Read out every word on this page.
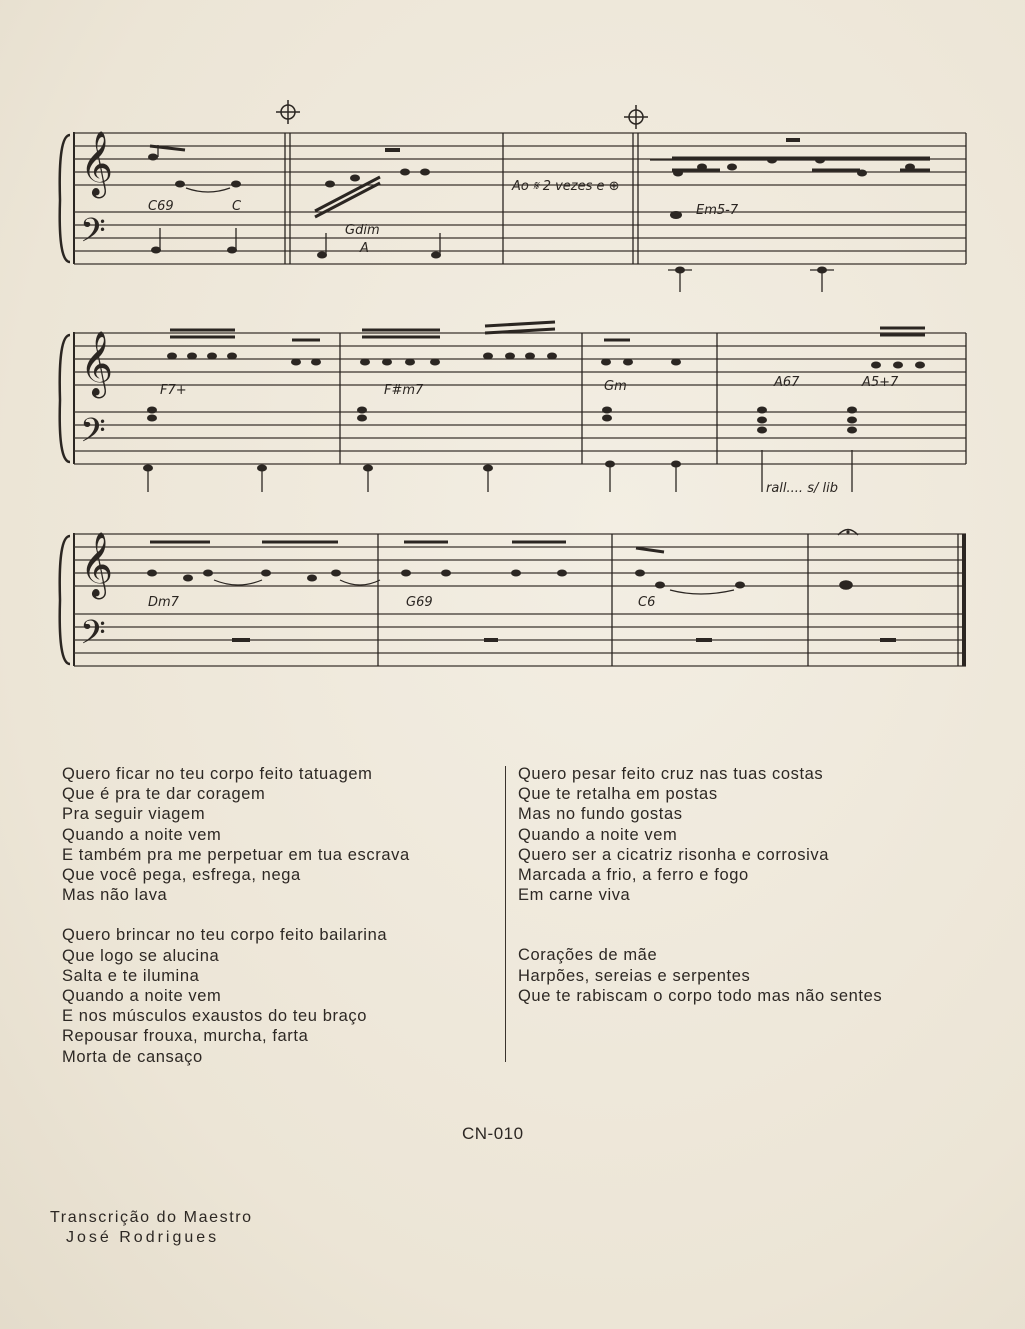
𝄞
𝄢
C69	C
Gdim
A
Em5-7
Ao 𝄋 2 vezes e ⊕
𝄞
𝄢
F7+	F#m7	Gm	A67	A5+7
rall.... s/ lib
𝄞
𝄢
Dm7	G69	C6
Quero ficar no teu corpo feito tatuagem
Que é pra te dar coragem
Pra seguir viagem
Quando a noite vem
E também pra me perpetuar em tua escrava
Que você pega, esfrega, nega
Mas não lava
Quero brincar no teu corpo feito bailarina
Que logo se alucina
Salta e te ilumina
Quando a noite vem
E nos músculos exaustos do teu braço
Repousar frouxa, murcha, farta
Morta de cansaço
Quero pesar feito cruz nas tuas costas
Que te retalha em postas
Mas no fundo gostas
Quando a noite vem
Quero ser a cicatriz risonha e corrosiva
Marcada a frio, a ferro e fogo
Em carne viva
Corações de mãe
Harpões, sereias e serpentes
Que te rabiscam o corpo todo mas não sentes
CN-010
Transcrição do Maestro
José Rodrigues
